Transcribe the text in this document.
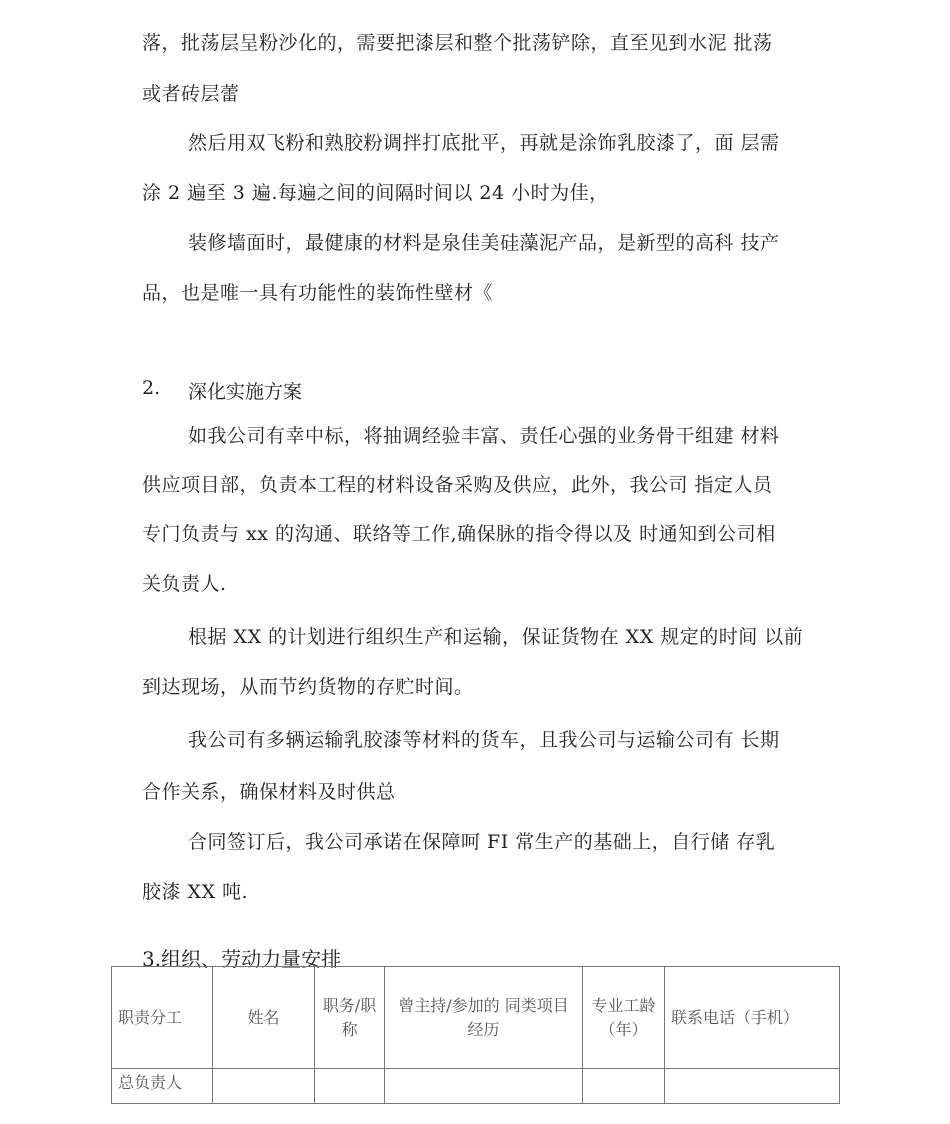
落，批荡层呈粉沙化的，需要把漆层和整个批荡铲除，直至见到水泥 批荡
或者砖层蕾
然后用双飞粉和熟胶粉调拌打底批平，再就是涂饰乳胶漆了，面 层需
涂 2 遍至 3 遍.每遍之间的间隔时间以 24 小时为佳，
装修墙面时，最健康的材料是泉佳美硅藻泥产品，是新型的高科 技产
品，也是唯一具有功能性的装饰性壁材《
2. 深化实施方案
如我公司有幸中标，将抽调经验丰富、责任心强的业务骨干组建 材料
供应项目部，负责本工程的材料设备采购及供应，此外，我公司 指定人员
专门负责与 xx 的沟通、联络等工作,确保脉的指令得以及 时通知到公司相
关负责人.
根据 XX 的计划进行组织生产和运输，保证货物在 XX 规定的时间 以前
到达现场，从而节约货物的存贮时间。
我公司有多辆运输乳胶漆等材料的货车，且我公司与运输公司有 长期
合作关系，确保材料及时供总
合同签订后，我公司承诺在保障呵 FI 常生产的基础上，自行储 存乳
胶漆 XX 吨.
3.组织、劳动力量安排
职责分工	姓名	职务/职称	曾主持/参加的 同类项目经历	专业工龄（年）	联系电话（手机）
总负责人					
